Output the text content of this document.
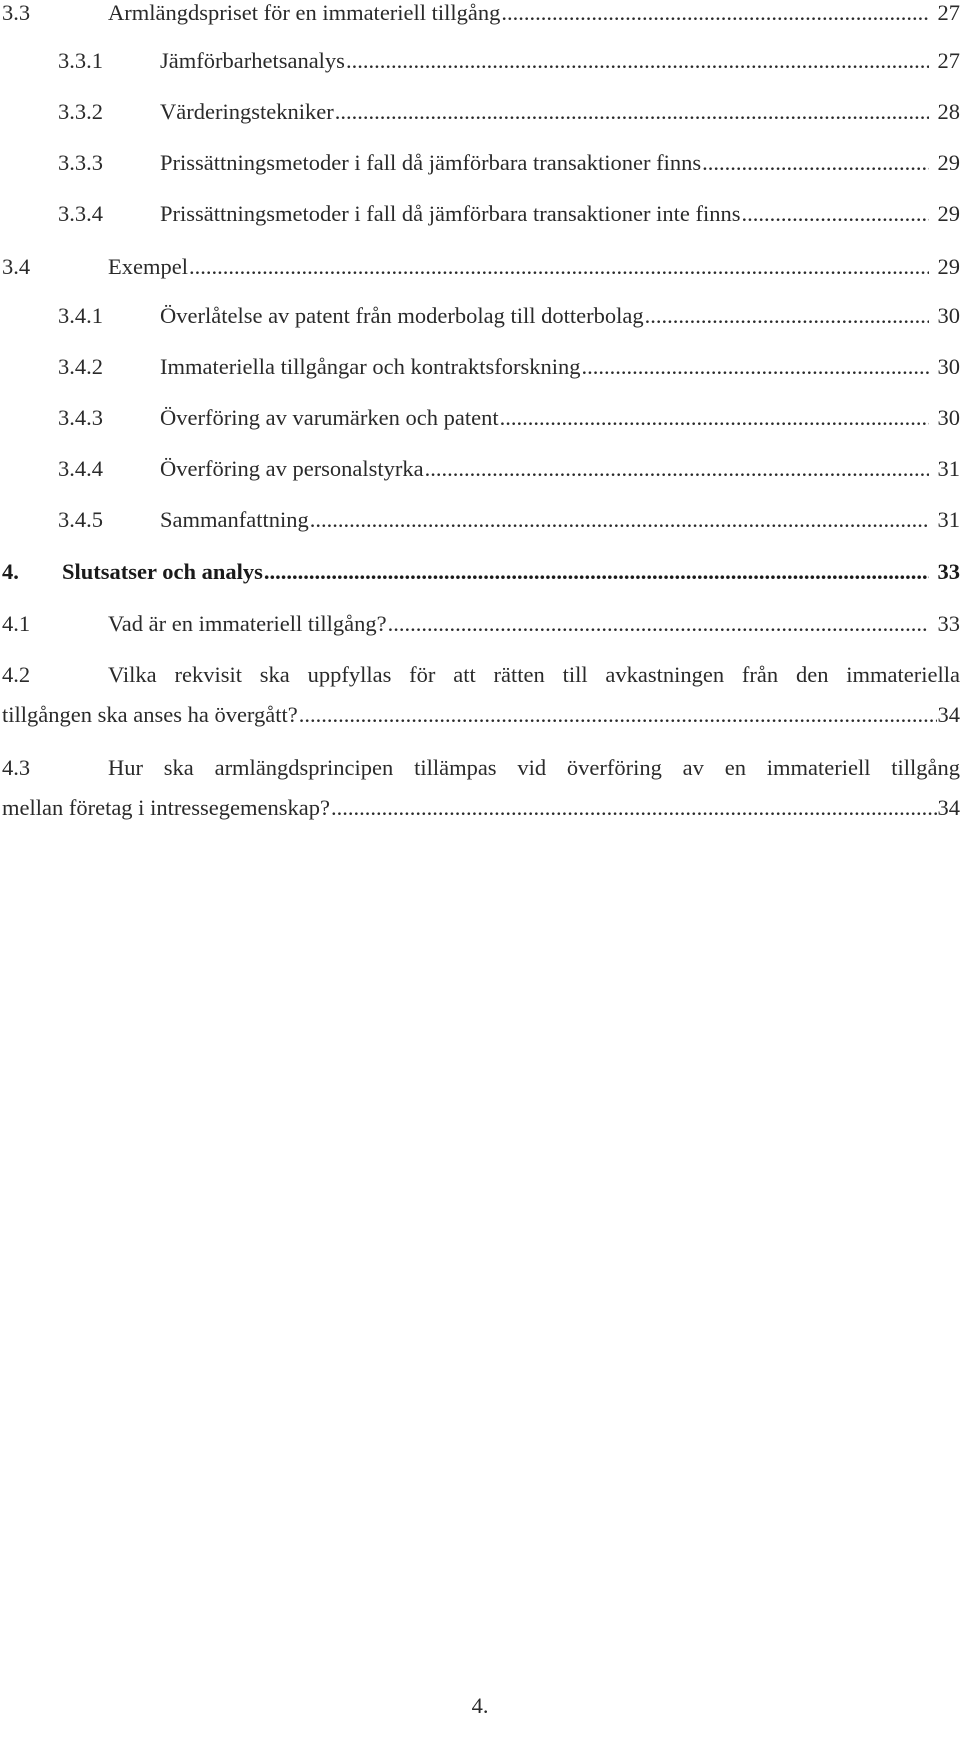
3.3	Armlängdspriset för en immateriell tillgång .....	27
3.3.1	Jämförbarhetsanalys .....	27
3.3.2	Värderingstekniker .....	28
3.3.3	Prissättningsmetoder i fall då jämförbara transaktioner finns .....	29
3.3.4	Prissättningsmetoder i fall då jämförbara transaktioner inte finns .....	29
3.4	Exempel .....	29
3.4.1	Överlåtelse av patent från moderbolag till dotterbolag .....	30
3.4.2	Immateriella tillgångar och kontraktsforskning .....	30
3.4.3	Överföring av varumärken och patent .....	30
3.4.4	Överföring av personalstyrka .....	31
3.4.5	Sammanfattning .....	31
4. Slutsatser och analys .....	33
4.1	Vad är en immateriell tillgång? .....	33
4.2	Vilka rekvisit ska uppfyllas för att rätten till avkastningen från den immateriella
tillgången ska anses ha övergått? .....	34
4.3	Hur ska armlängdsprincipen tillämpas vid överföring av en immateriell tillgång
mellan företag i intressegemenskap? .....	34
4.
